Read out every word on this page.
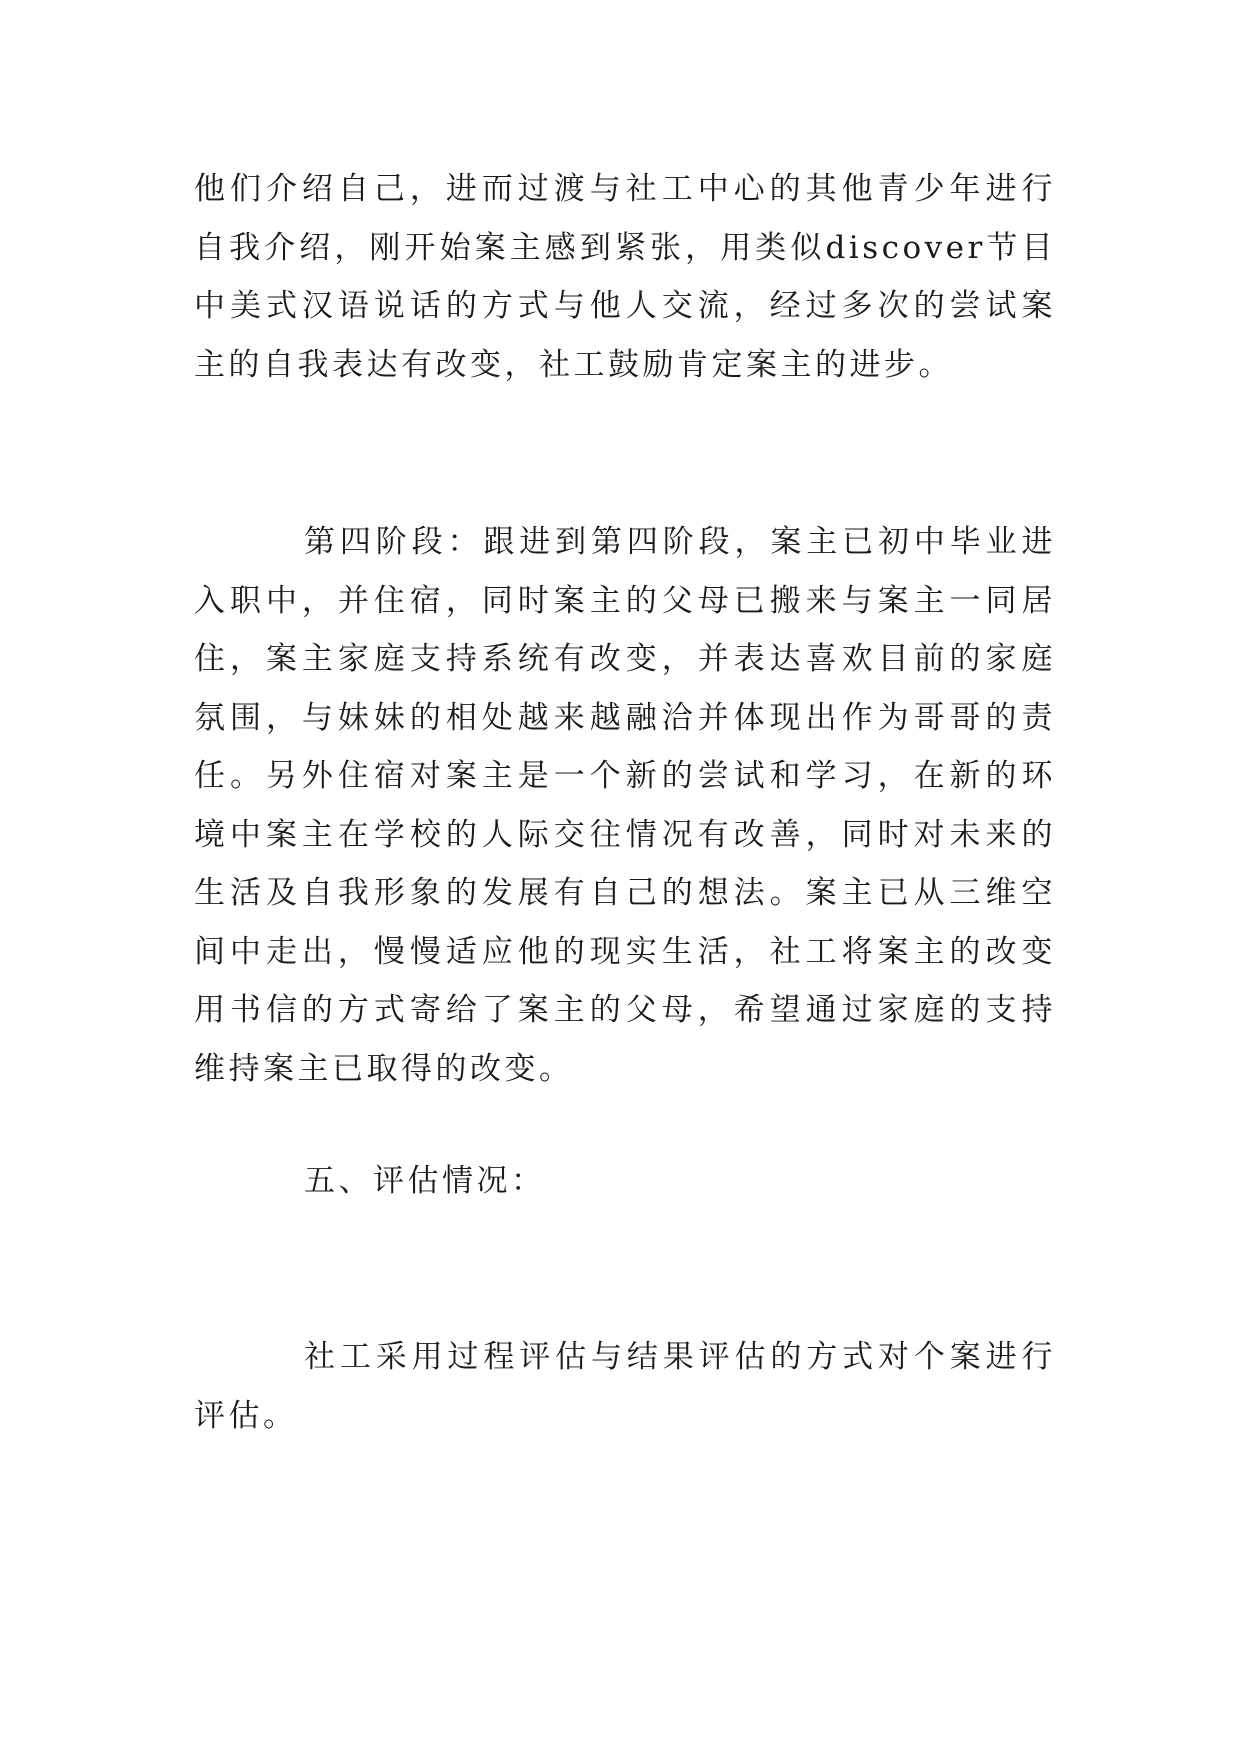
他们介绍自己，进而过渡与社工中心的其他青少年进行自我介绍，刚开始案主感到紧张，用类似discover节目中美式汉语说话的方式与他人交流，经过多次的尝试案主的自我表达有改变，社工鼓励肯定案主的进步。

第四阶段：跟进到第四阶段，案主已初中毕业进入职中，并住宿，同时案主的父母已搬来与案主一同居住，案主家庭支持系统有改变，并表达喜欢目前的家庭氛围，与妹妹的相处越来越融洽并体现出作为哥哥的责任。另外住宿对案主是一个新的尝试和学习，在新的环境中案主在学校的人际交往情况有改善，同时对未来的生活及自我形象的发展有自己的想法。案主已从三维空间中走出，慢慢适应他的现实生活，社工将案主的改变用书信的方式寄给了案主的父母，希望通过家庭的支持维持案主已取得的改变。

五、评估情况：

社工采用过程评估与结果评估的方式对个案进行评估。
